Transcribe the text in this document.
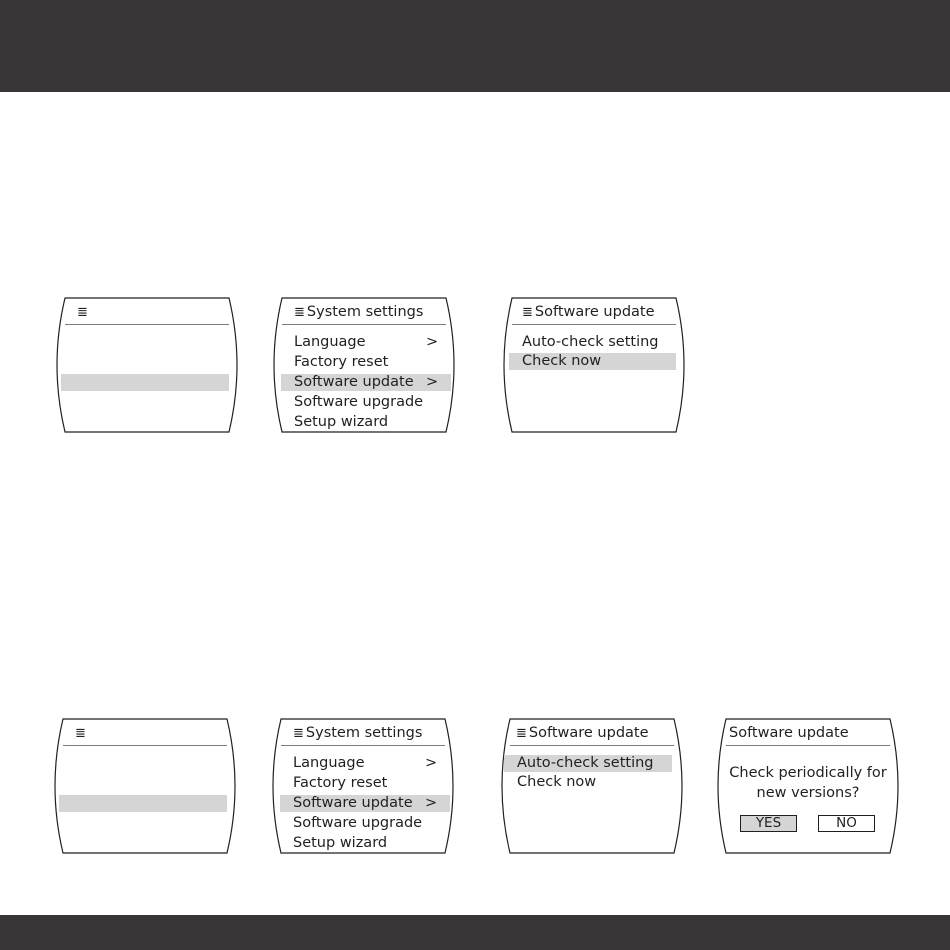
≣	≣ System settings
Language	>
Factory reset
Software update >
Software upgrade
Setup wizard
≣ Software update
Auto-check setting
Check now
≣	≣ System settings
Language	>
Factory reset
Software update >
Software upgrade
Setup wizard
≣ Software update
Auto-check setting
Check now
Software update
Check periodically for
new versions?
YES	NO
